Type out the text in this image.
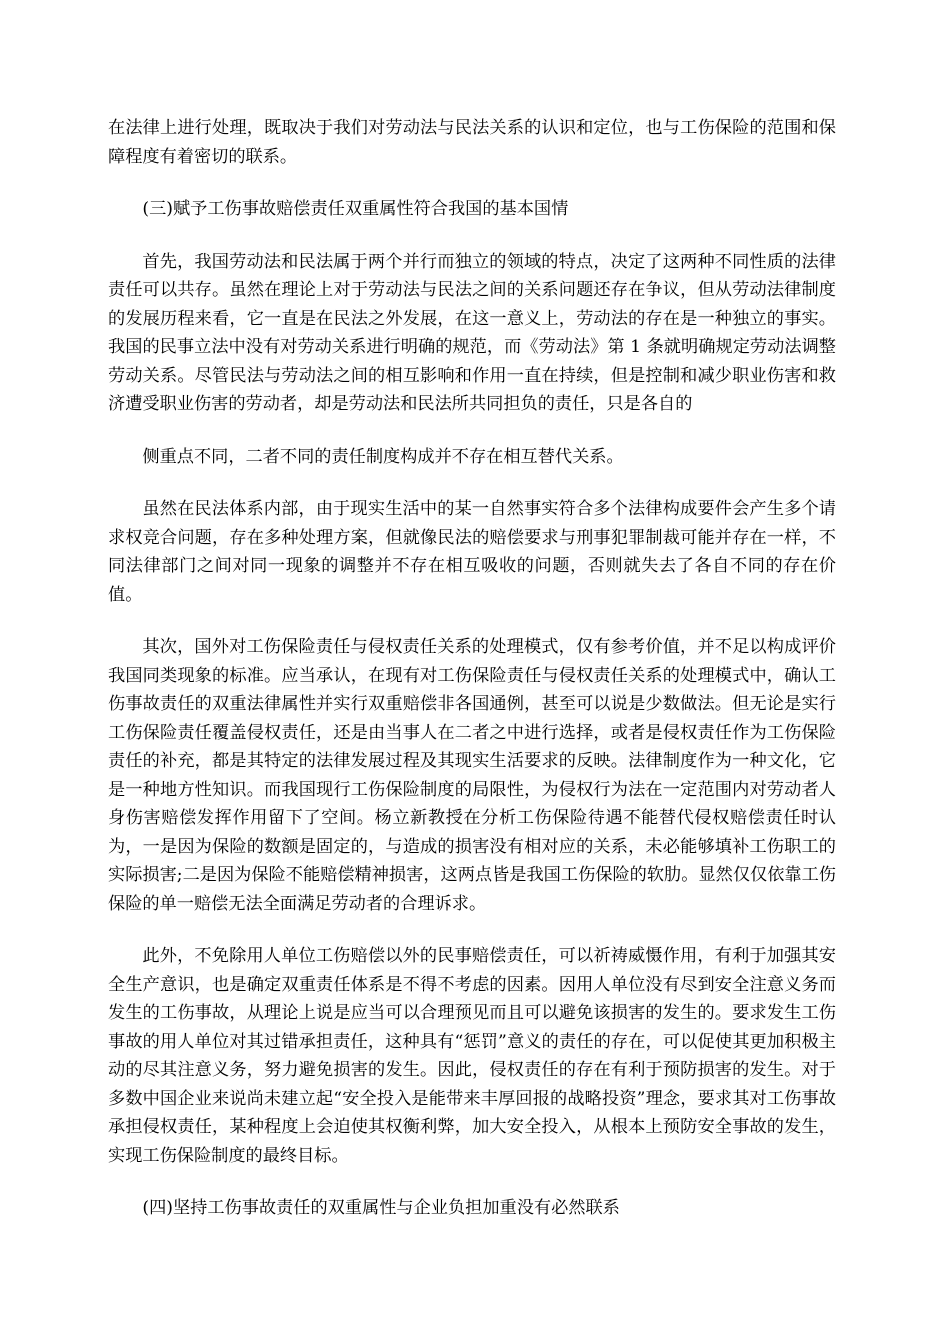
在法律上进行处理，既取决于我们对劳动法与民法关系的认识和定位，也与工伤保险的范围和保障程度有着密切的联系。

(三)赋予工伤事故赔偿责任双重属性符合我国的基本国情

首先，我国劳动法和民法属于两个并行而独立的领域的特点，决定了这两种不同性质的法律责任可以共存。虽然在理论上对于劳动法与民法之间的关系问题还存在争议，但从劳动法律制度的发展历程来看，它一直是在民法之外发展，在这一意义上，劳动法的存在是一种独立的事实。我国的民事立法中没有对劳动关系进行明确的规范，而《劳动法》第 1 条就明确规定劳动法调整劳动关系。尽管民法与劳动法之间的相互影响和作用一直在持续，但是控制和减少职业伤害和救济遭受职业伤害的劳动者，却是劳动法和民法所共同担负的责任，只是各自的

侧重点不同，二者不同的责任制度构成并不存在相互替代关系。

虽然在民法体系内部，由于现实生活中的某一自然事实符合多个法律构成要件会产生多个请求权竞合问题，存在多种处理方案，但就像民法的赔偿要求与刑事犯罪制裁可能并存在一样，不同法律部门之间对同一现象的调整并不存在相互吸收的问题，否则就失去了各自不同的存在价值。

其次，国外对工伤保险责任与侵权责任关系的处理模式，仅有参考价值，并不足以构成评价我国同类现象的标准。应当承认，在现有对工伤保险责任与侵权责任关系的处理模式中，确认工伤事故责任的双重法律属性并实行双重赔偿非各国通例，甚至可以说是少数做法。但无论是实行工伤保险责任覆盖侵权责任，还是由当事人在二者之中进行选择，或者是侵权责任作为工伤保险责任的补充，都是其特定的法律发展过程及其现实生活要求的反映。法律制度作为一种文化，它是一种地方性知识。而我国现行工伤保险制度的局限性，为侵权行为法在一定范围内对劳动者人身伤害赔偿发挥作用留下了空间。杨立新教授在分析工伤保险待遇不能替代侵权赔偿责任时认为，一是因为保险的数额是固定的，与造成的损害没有相对应的关系，未必能够填补工伤职工的实际损害;二是因为保险不能赔偿精神损害，这两点皆是我国工伤保险的软肋。显然仅仅依靠工伤保险的单一赔偿无法全面满足劳动者的合理诉求。

此外，不免除用人单位工伤赔偿以外的民事赔偿责任，可以祈祷威慑作用，有利于加强其安全生产意识，也是确定双重责任体系是不得不考虑的因素。因用人单位没有尽到安全注意义务而发生的工伤事故，从理论上说是应当可以合理预见而且可以避免该损害的发生的。要求发生工伤事故的用人单位对其过错承担责任，这种具有“惩罚”意义的责任的存在，可以促使其更加积极主动的尽其注意义务，努力避免损害的发生。因此，侵权责任的存在有利于预防损害的发生。对于多数中国企业来说尚未建立起“安全投入是能带来丰厚回报的战略投资”理念，要求其对工伤事故承担侵权责任，某种程度上会迫使其权衡利弊，加大安全投入，从根本上预防安全事故的发生，实现工伤保险制度的最终目标。

(四)坚持工伤事故责任的双重属性与企业负担加重没有必然联系
